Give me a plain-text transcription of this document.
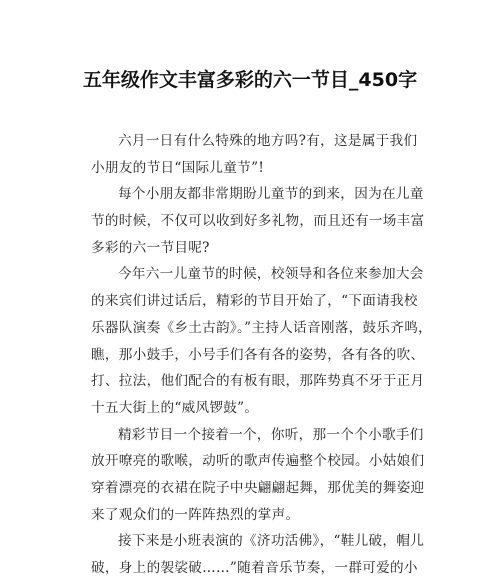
五年级作文丰富多彩的六一节目_450字
六月一日有什么特殊的地方吗?有，这是属于我们
小朋友的节日“国际儿童节”!
每个小朋友都非常期盼儿童节的到来，因为在儿童
节的时候，不仅可以收到好多礼物，而且还有一场丰富
多彩的六一节目呢?
今年六一儿童节的时候，校领导和各位来参加大会
的来宾们讲过话后，精彩的节目开始了，“下面请我校
乐器队演奏《乡土古韵》。”主持人话音刚落，鼓乐齐鸣，
瞧，那小鼓手，小号手们各有各的姿势，各有各的吹、
打、拉法，他们配合的有板有眼，那阵势真不牙于正月
十五大街上的“威风锣鼓”。
精彩节目一个接着一个，你听，那一个个小歌手们
放开嘹亮的歌喉，动听的歌声传遍整个校园。小姑娘们
穿着漂亮的衣裙在院子中央翩翩起舞，那优美的舞姿迎
来了观众们的一阵阵热烈的掌声。
接下来是小班表演的《济功活佛》，“鞋儿破，帽儿
破，身上的袈裟破……”随着音乐节奏，一群可爱的小
